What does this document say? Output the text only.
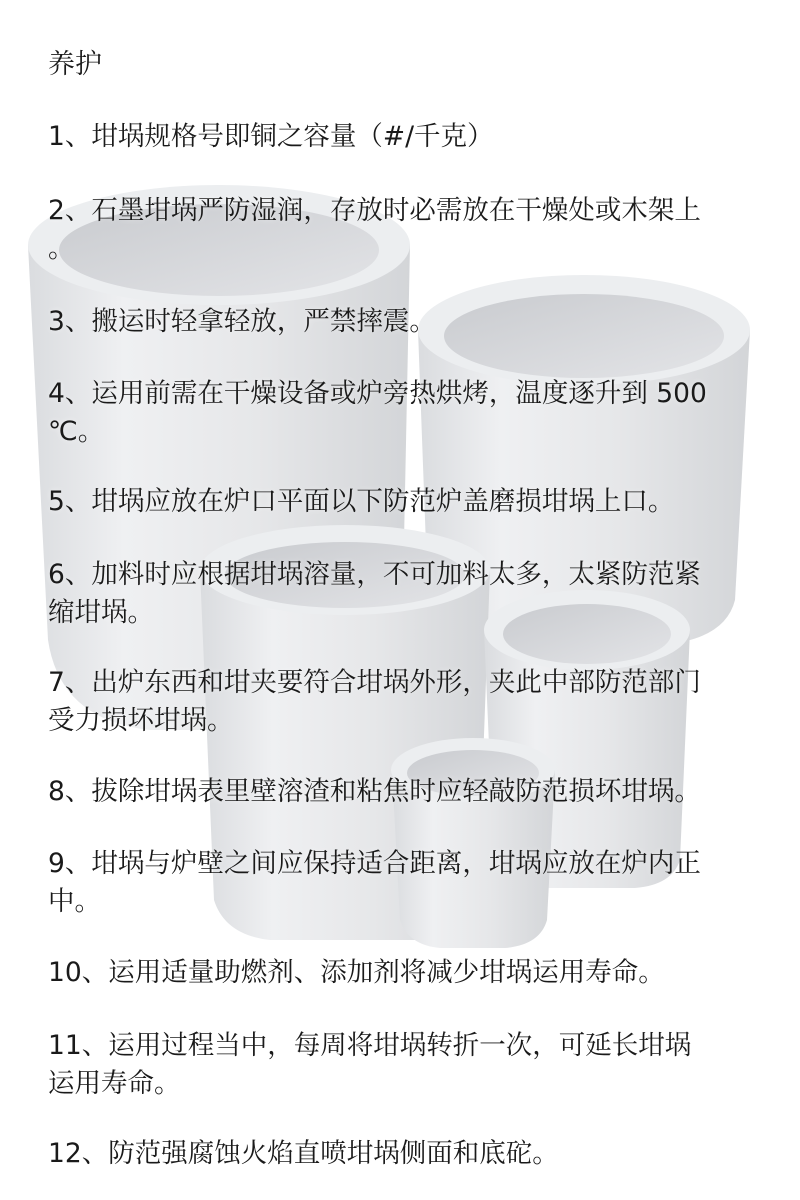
养护

1、坩埚规格号即铜之容量（#/千克）

2、石墨坩埚严防湿润，存放时必需放在干燥处或木架上
。

3、搬运时轻拿轻放，严禁摔震。

4、运用前需在干燥设备或炉旁热烘烤，温度逐升到 500
℃。

5、坩埚应放在炉口平面以下防范炉盖磨损坩埚上口。

6、加料时应根据坩埚溶量，不可加料太多，太紧防范紧
缩坩埚。

7、出炉东西和坩夹要符合坩埚外形，夹此中部防范部门
受力损坏坩埚。

8、拔除坩埚表里壁溶渣和粘焦时应轻敲防范损坏坩埚。

9、坩埚与炉壁之间应保持适合距离，坩埚应放在炉内正
中。

10、运用适量助燃剂、添加剂将减少坩埚运用寿命。

11、运用过程当中，每周将坩埚转折一次，可延长坩埚
运用寿命。

12、防范强腐蚀火焰直喷坩埚侧面和底砣。
